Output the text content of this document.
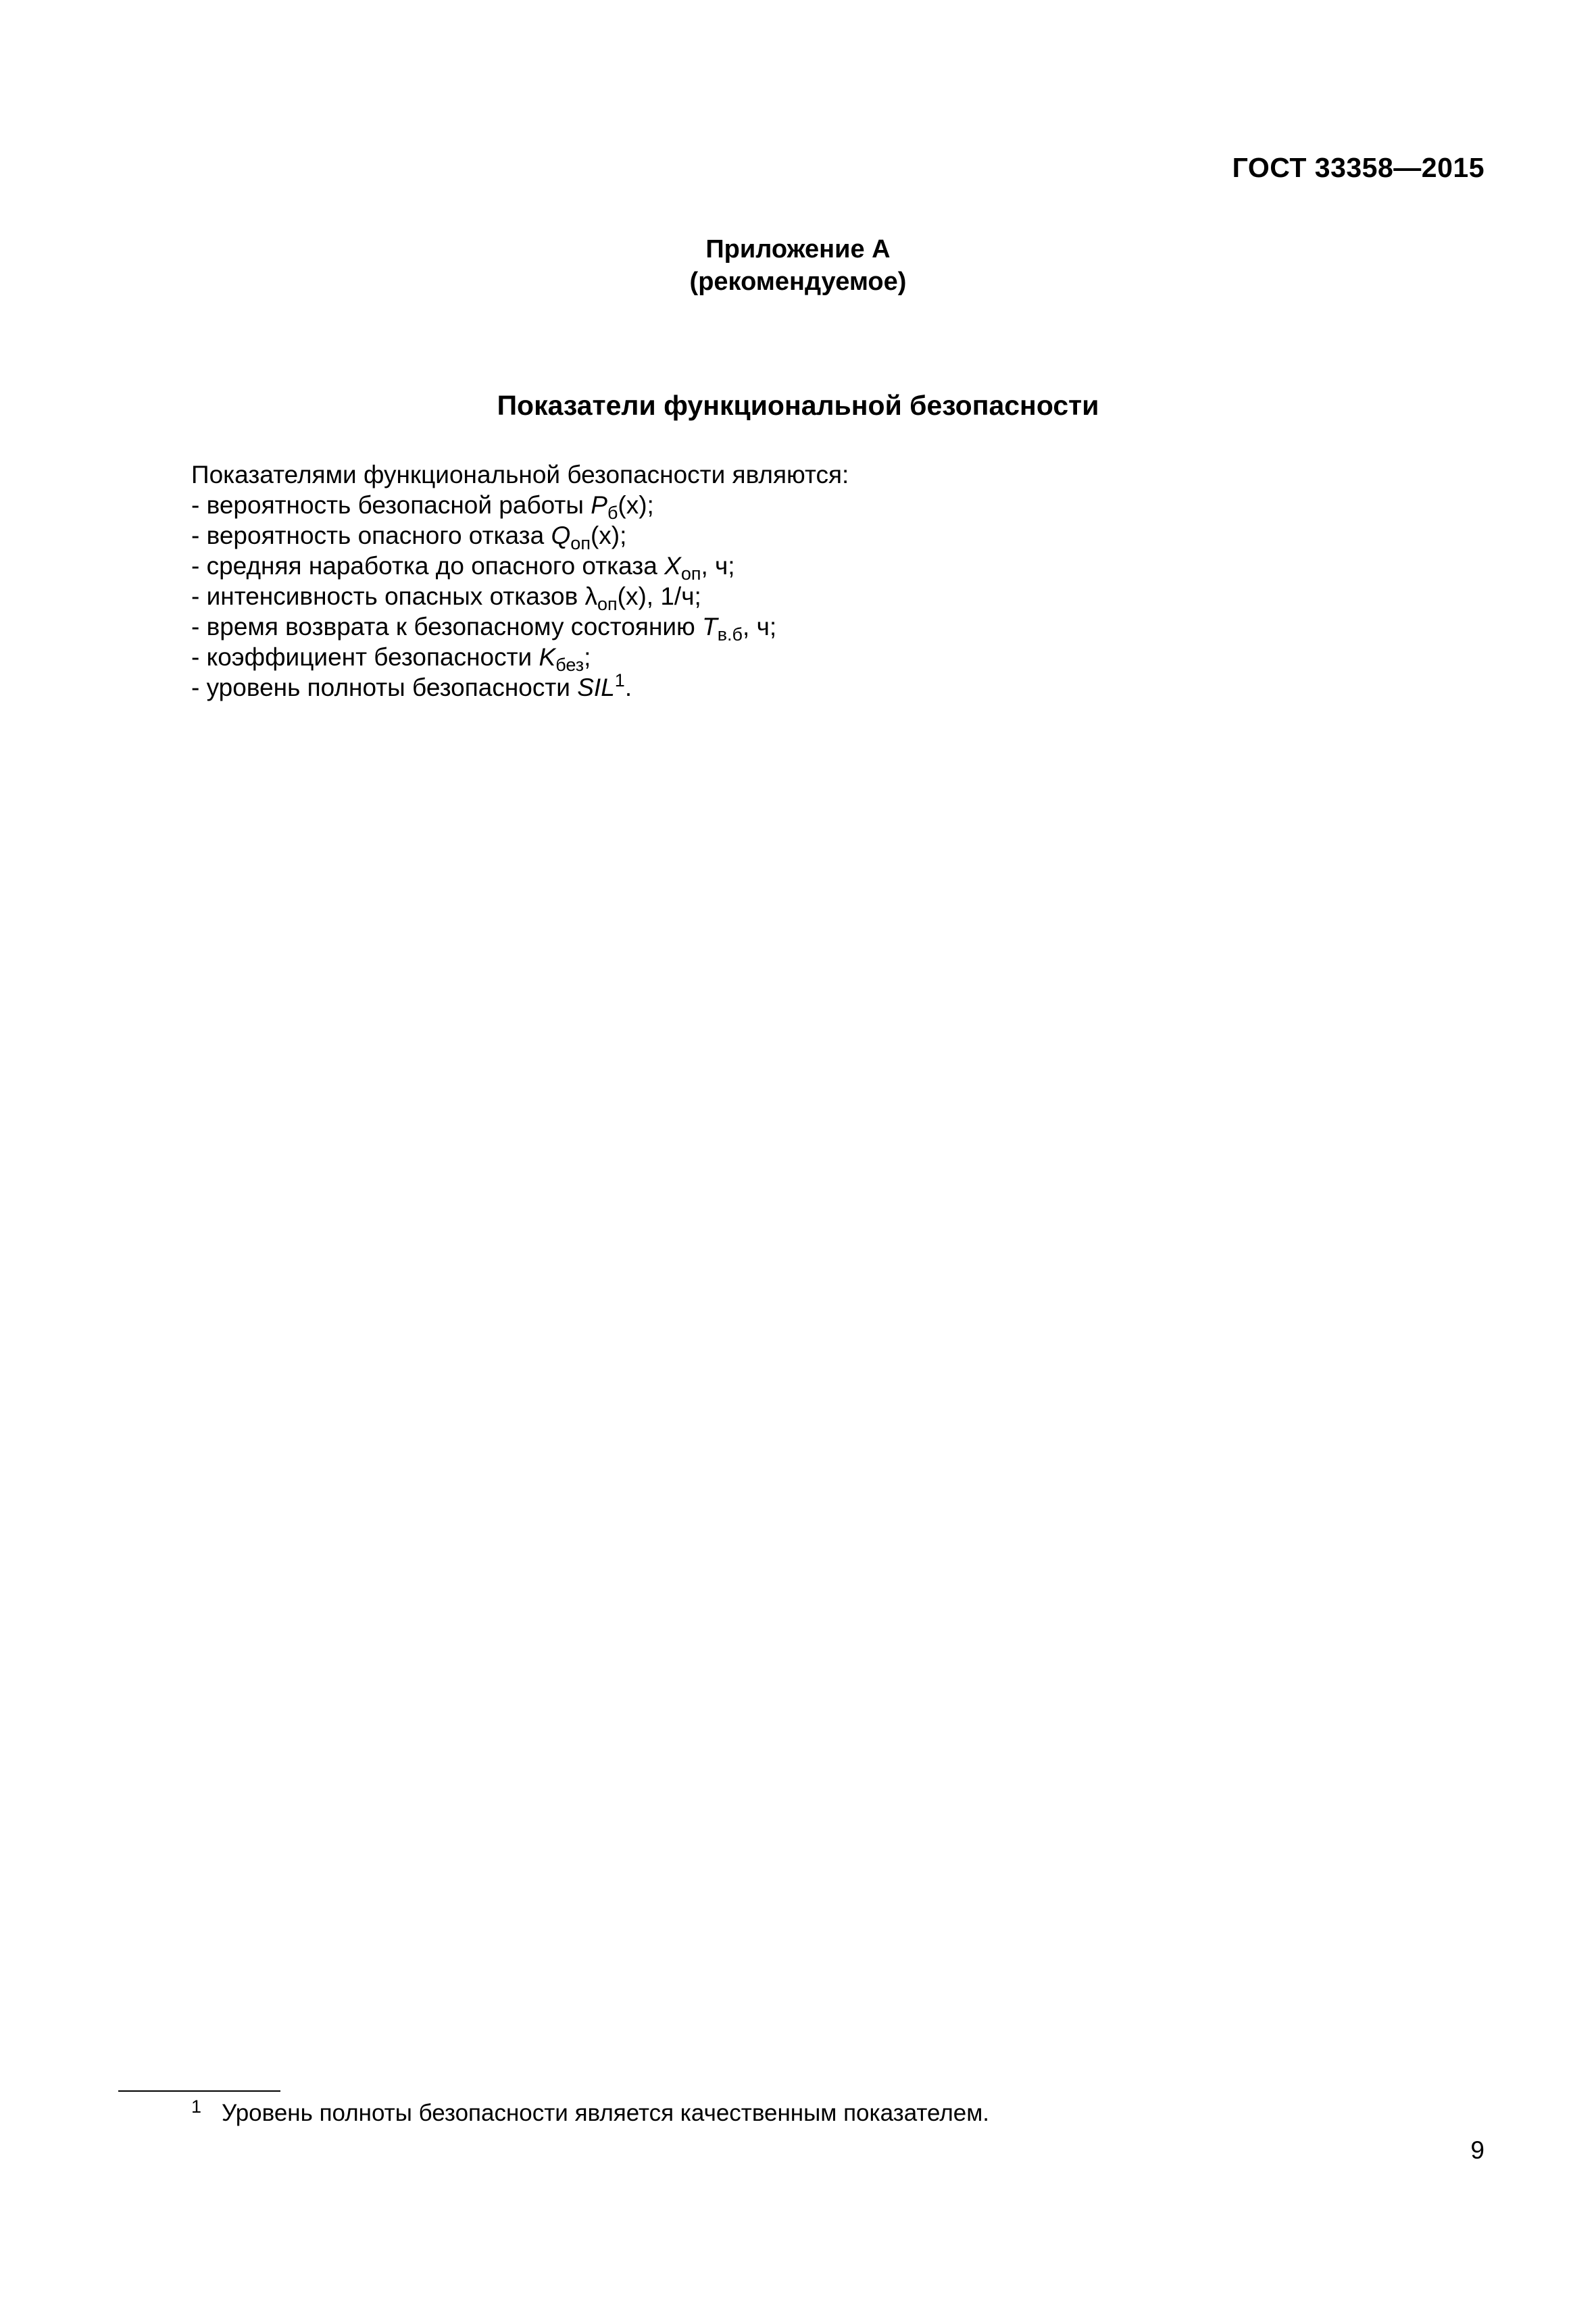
ГОСТ 33358—2015
Приложение А
(рекомендуемое)
Показатели функциональной безопасности
Показателями функциональной безопасности являются:
- вероятность безопасной работы $P_б(x)$;
- вероятность опасного отказа $Q_{оп}(x)$;
- средняя наработка до опасного отказа $X_{оп}$, ч;
- интенсивность опасных отказов $\lambda_{оп}(x)$, 1/ч;
- время возврата к безопасному состоянию $T_{в.б}$, ч;
- коэффициент безопасности $K_{без}$;
- уровень полноты безопасности SIL$^1$.
1 Уровень полноты безопасности является качественным показателем.
9
